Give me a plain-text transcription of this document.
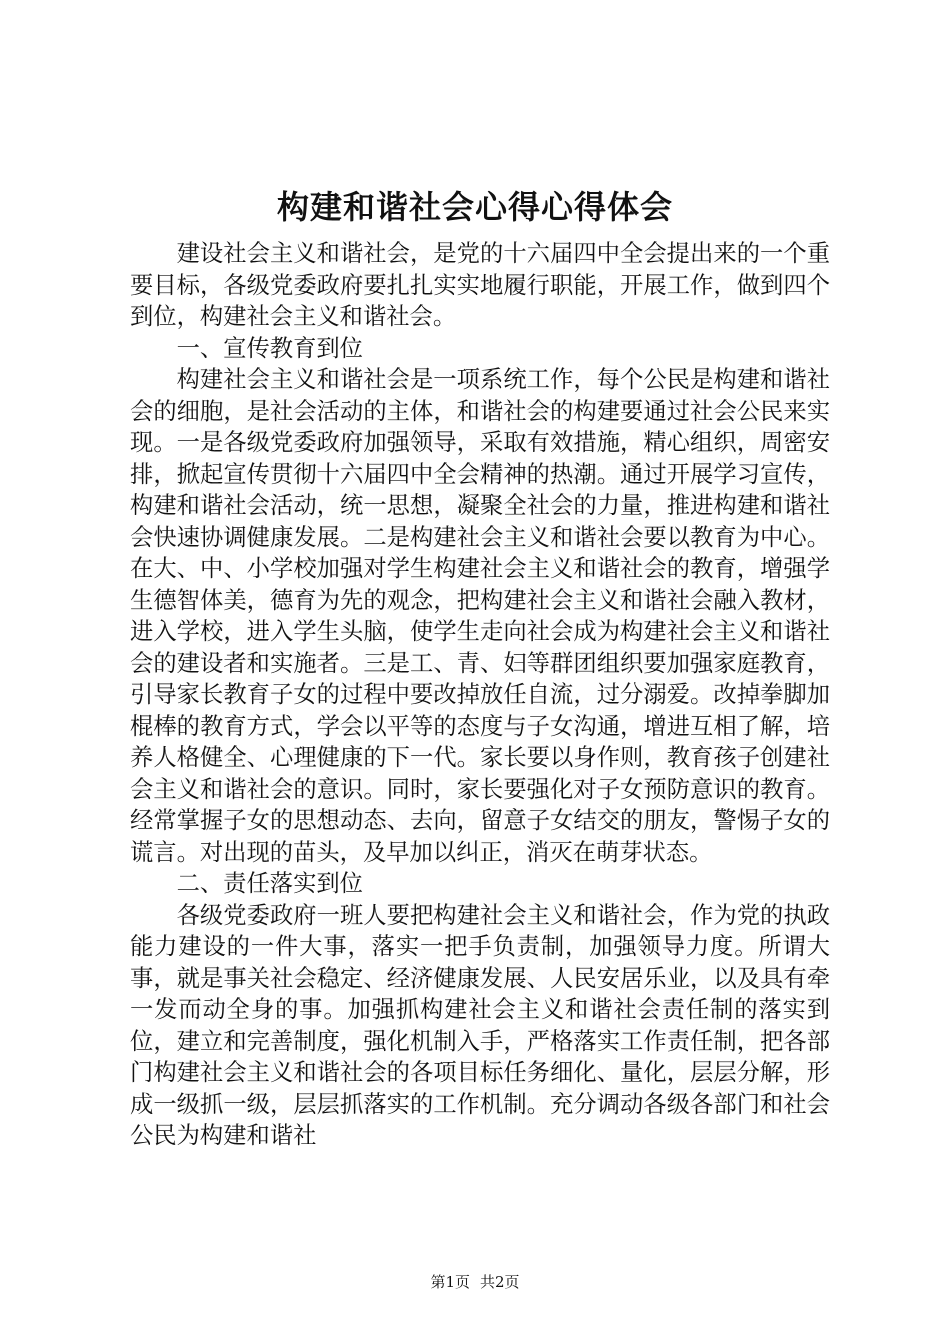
构建和谐社会心得心得体会

建设社会主义和谐社会，是党的十六届四中全会提出来的一个重要目标，各级党委政府要扎扎实实地履行职能，开展工作，做到四个到位，构建社会主义和谐社会。

一、宣传教育到位

构建社会主义和谐社会是一项系统工作，每个公民是构建和谐社会的细胞，是社会活动的主体，和谐社会的构建要通过社会公民来实现。一是各级党委政府加强领导，采取有效措施，精心组织，周密安排，掀起宣传贯彻十六届四中全会精神的热潮。通过开展学习宣传，构建和谐社会活动，统一思想，凝聚全社会的力量，推进构建和谐社会快速协调健康发展。二是构建社会主义和谐社会要以教育为中心。在大、中、小学校加强对学生构建社会主义和谐社会的教育，增强学生德智体美，德育为先的观念，把构建社会主义和谐社会融入教材，进入学校，进入学生头脑，使学生走向社会成为构建社会主义和谐社会的建设者和实施者。三是工、青、妇等群团组织要加强家庭教育，引导家长教育子女的过程中要改掉放任自流，过分溺爱。改掉拳脚加棍棒的教育方式，学会以平等的态度与子女沟通，增进互相了解，培养人格健全、心理健康的下一代。家长要以身作则，教育孩子创建社会主义和谐社会的意识。同时，家长要强化对子女预防意识的教育。经常掌握子女的思想动态、去向，留意子女结交的朋友，警惕子女的谎言。对出现的苗头，及早加以纠正，消灭在萌芽状态。

二、责任落实到位

各级党委政府一班人要把构建社会主义和谐社会，作为党的执政能力建设的一件大事，落实一把手负责制，加强领导力度。所谓大事，就是事关社会稳定、经济健康发展、人民安居乐业，以及具有牵一发而动全身的事。加强抓构建社会主义和谐社会责任制的落实到位，建立和完善制度，强化机制入手，严格落实工作责任制，把各部门构建社会主义和谐社会的各项目标任务细化、量化，层层分解，形成一级抓一级，层层抓落实的工作机制。充分调动各级各部门和社会公民为构建和谐社

第1页 共2页
